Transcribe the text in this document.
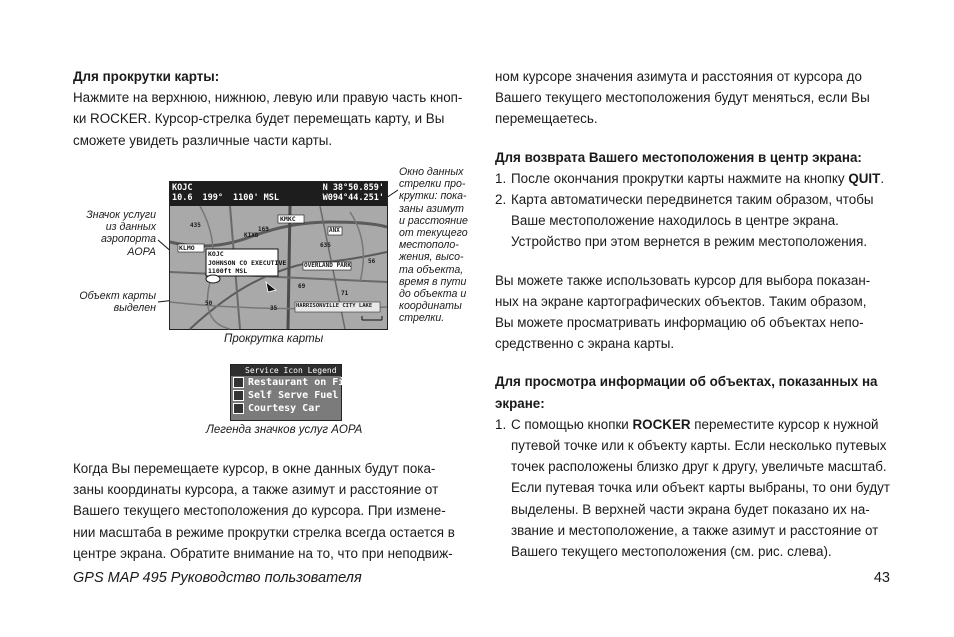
Для прокрутки карты:

Нажмите на верхнюю, нижнюю, левую или правую часть кноп-

ки ROCKER. Курсор-стрелка будет перемещать карту, и Вы

сможете увидеть различные части карты.

Когда Вы перемещаете курсор, в окне данных будут пока-

заны координаты курсора, а также азимут и расстояние от

Вашего текущего местоположения до курсора. При измене-

нии масштаба в режиме прокрутки стрелка всегда остается в

центре экрана. Обратите внимание на то, что при неподвиж-

Значок услуги
из данных
аэропорта
AOPA
Объект карты
выделен
Окно данных
стрелки про-
крутки: пока-
заны азимут
и расстояние
от текущего
местополо-
жения, высо-
та объекта,
время в пути
до объекта и
координаты
стрелки.
KOJC
10.6 199° 1100' MSL
N 38°50.859'
W094°44.251'
KOJC
JOHNSON CO EXECUTIVE
1100ft MSL
KLMO
KMKC
OVERLAND PARK
ANX
KIXD
HARRISONVILLE CITY LAKE
169
635
435
69
71
50
56
35
Прокрутка карты
Service Icon Legend
Restaurant on Field
Self Serve Fuel
Courtesy Car
Легенда значков услуг AOPA

ном курсоре значения азимута и расстояния от курсора до

Вашего текущего местоположения будут меняться, если Вы

перемещаетесь.

Для возврата Вашего местоположения в центр экрана:

1. После окончания прокрутки карты нажмите на кнопку QUIT.
2. Карта автоматически передвинется таким образом, чтобы
Ваше местоположение находилось в центре экрана.
Устройство при этом вернется в режим местоположения.

Вы можете также использовать курсор для выбора показан-

ных на экране картографических объектов. Таким образом,

Вы можете просматривать информацию об объектах непо-

средственно с экрана карты.

Для просмотра информации об объектах, показанных на

экране:

1. С помощью кнопки ROCKER переместите курсор к нужной
путевой точке или к объекту карты. Если несколько путевых
точек расположены близко друг к другу, увеличьте масштаб.
Если путевая точка или объект карты выбраны, то они будут
выделены. В верхней части экрана будет показано их на-
звание и местоположение, а также азимут и расстояние от
Вашего текущего местоположения (см. рис. слева).
GPS MAP 495 Руководство пользователя	43
